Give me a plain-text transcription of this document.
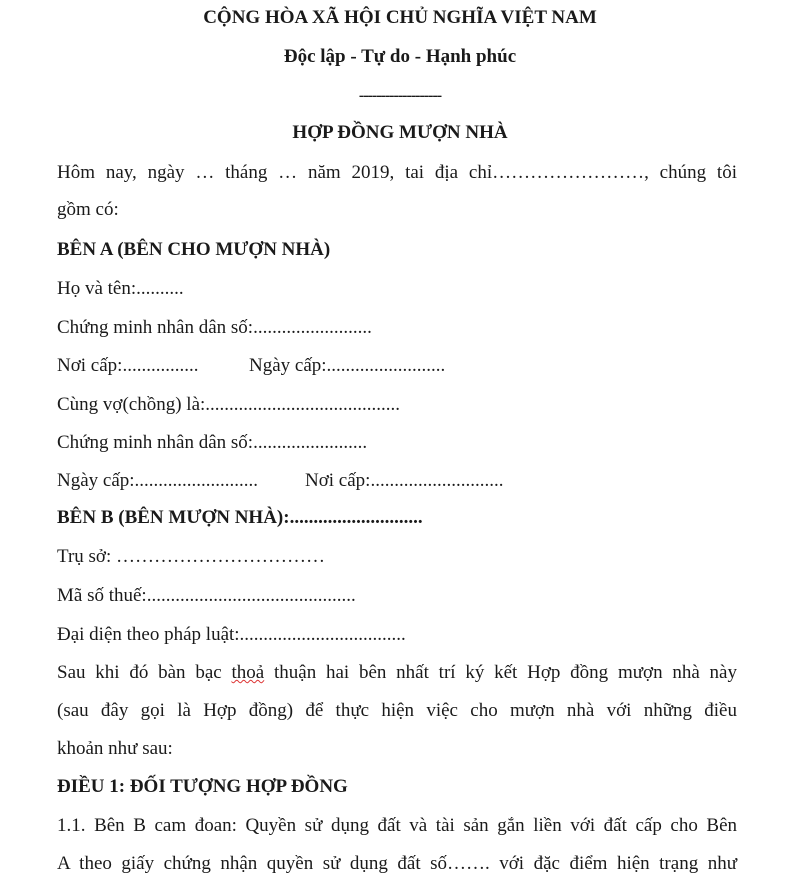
CỘNG HÒA XÃ HỘI CHỦ NGHĨA VIỆT NAM
Độc lập - Tự do - Hạnh phúc
-------------------
HỢP ĐỒNG MƯỢN NHÀ
Hôm nay, ngày … tháng … năm 2019, tai địa chỉ……………………, chúng tôi
gồm có:
BÊN A (BÊN CHO MƯỢN NHÀ)
Họ và tên:..........
Chứng minh nhân dân số:.........................
Nơi cấp:................	Ngày cấp:.........................
Cùng vợ(chồng) là:.........................................
Chứng minh nhân dân số:........................
Ngày cấp:.......................... Nơi cấp:............................
BÊN B (BÊN MƯỢN NHÀ):............................
Trụ sở: ……………………………
Mã số thuế:............................................
Đại diện theo pháp luật:...................................
Sau khi đó bàn bạc thoả thuận hai bên nhất trí ký kết Hợp đồng mượn nhà này
(sau đây gọi là Hợp đồng) để thực hiện việc cho mượn nhà với những điều
khoản như sau:
ĐIỀU 1: ĐỐI TƯỢNG HỢP ĐỒNG
1.1. Bên B cam đoan: Quyền sử dụng đất và tài sản gắn liền với đất cấp cho Bên
A theo giấy chứng nhận quyền sử dụng đất số……. với đặc điểm hiện trạng như
